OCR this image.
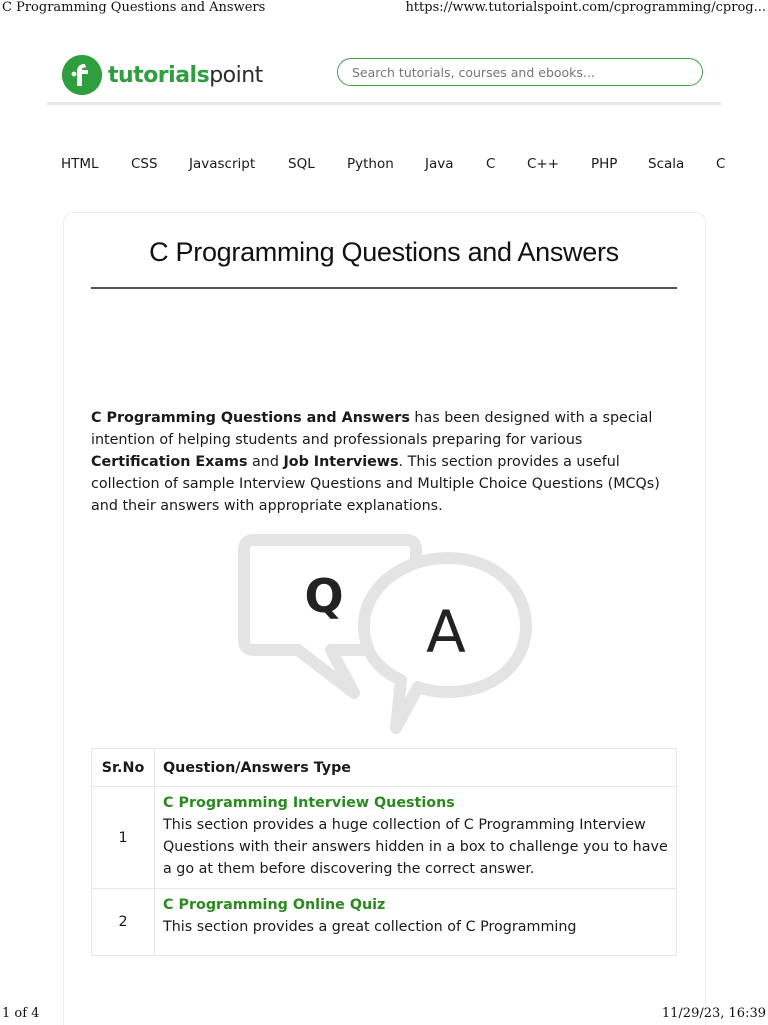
C Programming Questions and Answers	https://www.tutorialspoint.com/cprogramming/cprog...
tutorialspoint
Search tutorials, courses and ebooks...
HTML CSS Javascript SQL Python Java C C++ PHP Scala C
C Programming Questions and Answers

C Programming Questions and Answers has been designed with a special intention of helping students and professionals preparing for various Certification Exams and Job Interviews. This section provides a useful collection of sample Interview Questions and Multiple Choice Questions (MCQs) and their answers with appropriate explanations.

Q
A
Sr.No	Question/Answers Type
1	C Programming Interview Questions
This section provides a huge collection of C Programming Interview Questions with their answers hidden in a box to challenge you to have a go at them before discovering the correct answer.
2	C Programming Online Quiz
This section provides a great collection of C Programming
1 of 4	11/29/23, 16:39
